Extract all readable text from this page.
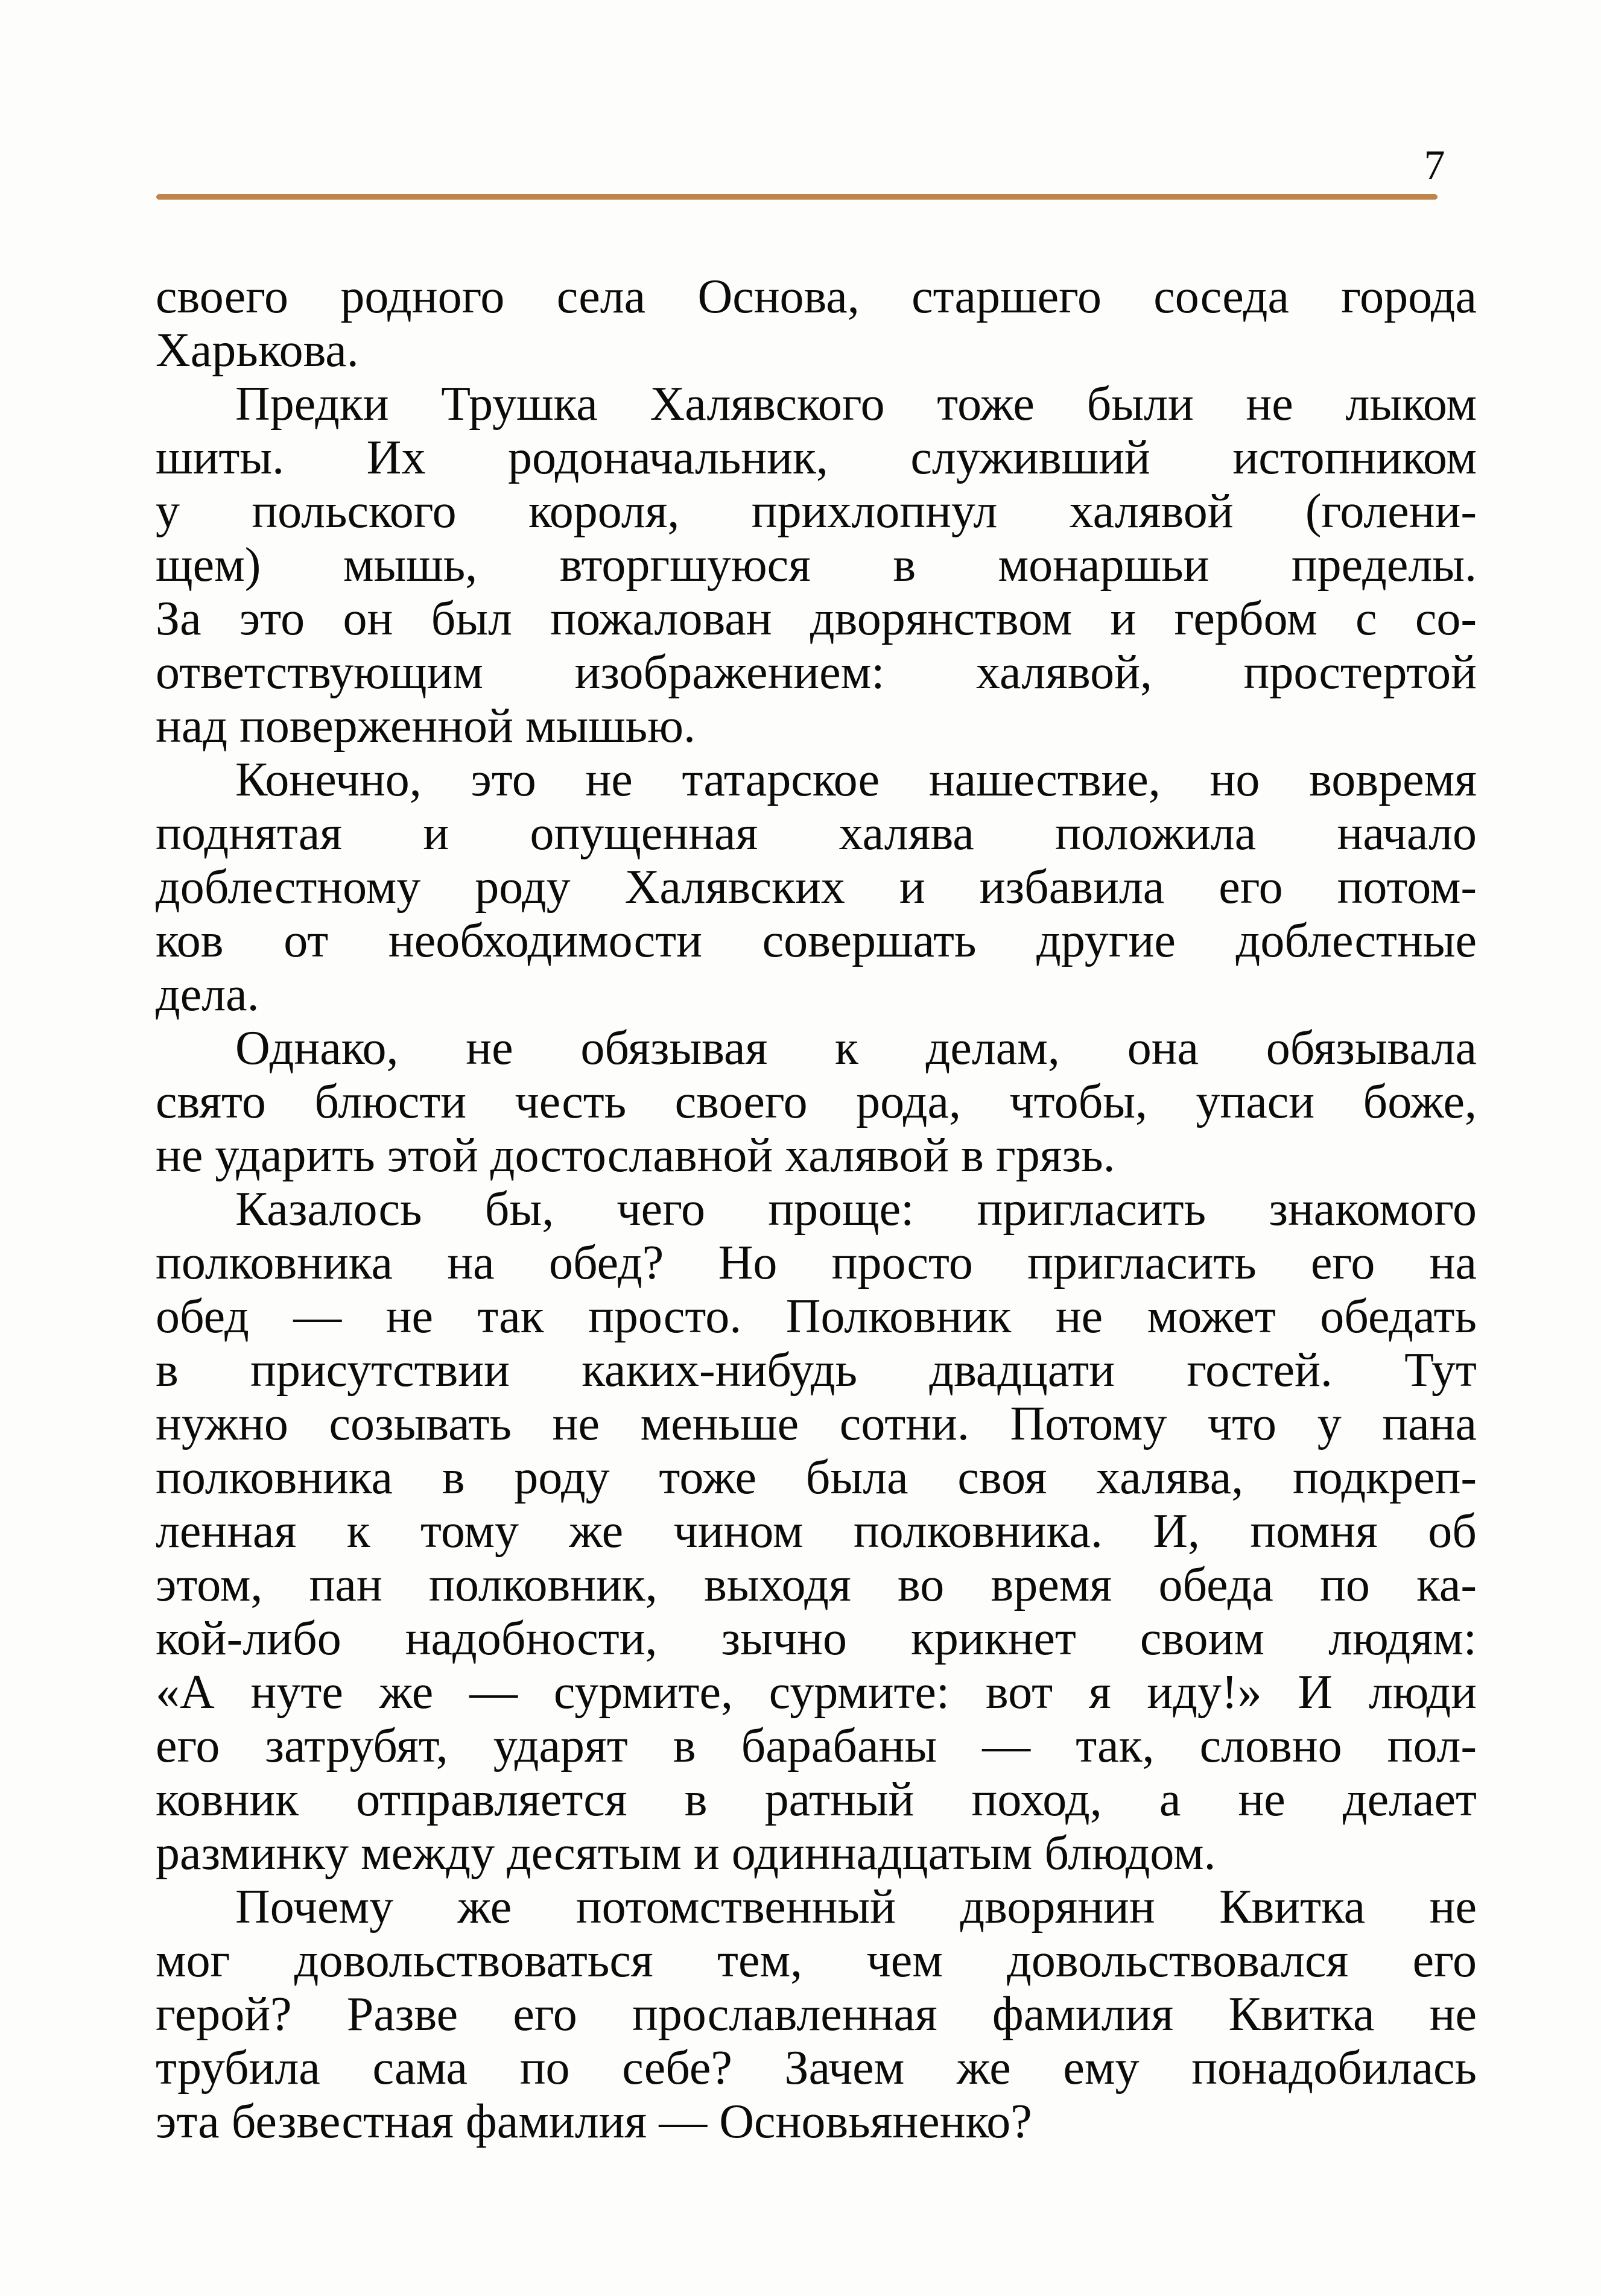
7
своего родного села Основа, старшего соседа города
Харькова.
Предки Трушка Халявского тоже были не лыком
шиты. Их родоначальник, служивший истопником
у польского короля, прихлопнул халявой (голени-
щем) мышь, вторгшуюся в монаршьи пределы.
За это он был пожалован дворянством и гербом с со-
ответствующим изображением: халявой, простертой
над поверженной мышью.
Конечно, это не татарское нашествие, но вовремя
поднятая и опущенная халява положила начало
доблестному роду Халявских и избавила его потом-
ков от необходимости совершать другие доблестные
дела.
Однако, не обязывая к делам, она обязывала
свято блюсти честь своего рода, чтобы, упаси боже,
не ударить этой достославной халявой в грязь.
Казалось бы, чего проще: пригласить знакомого
полковника на обед? Но просто пригласить его на
обед — не так просто. Полковник не может обедать
в присутствии каких-нибудь двадцати гостей. Тут
нужно созывать не меньше сотни. Потому что у пана
полковника в роду тоже была своя халява, подкреп-
ленная к тому же чином полковника. И, помня об
этом, пан полковник, выходя во время обеда по ка-
кой-либо надобности, зычно крикнет своим людям:
«А нуте же — сурмите, сурмите: вот я иду!» И люди
его затрубят, ударят в барабаны — так, словно пол-
ковник отправляется в ратный поход, а не делает
разминку между десятым и одиннадцатым блюдом.
Почему же потомственный дворянин Квитка не
мог довольствоваться тем, чем довольствовался его
герой? Разве его прославленная фамилия Квитка не
трубила сама по себе? Зачем же ему понадобилась
эта безвестная фамилия — Основьяненко?
